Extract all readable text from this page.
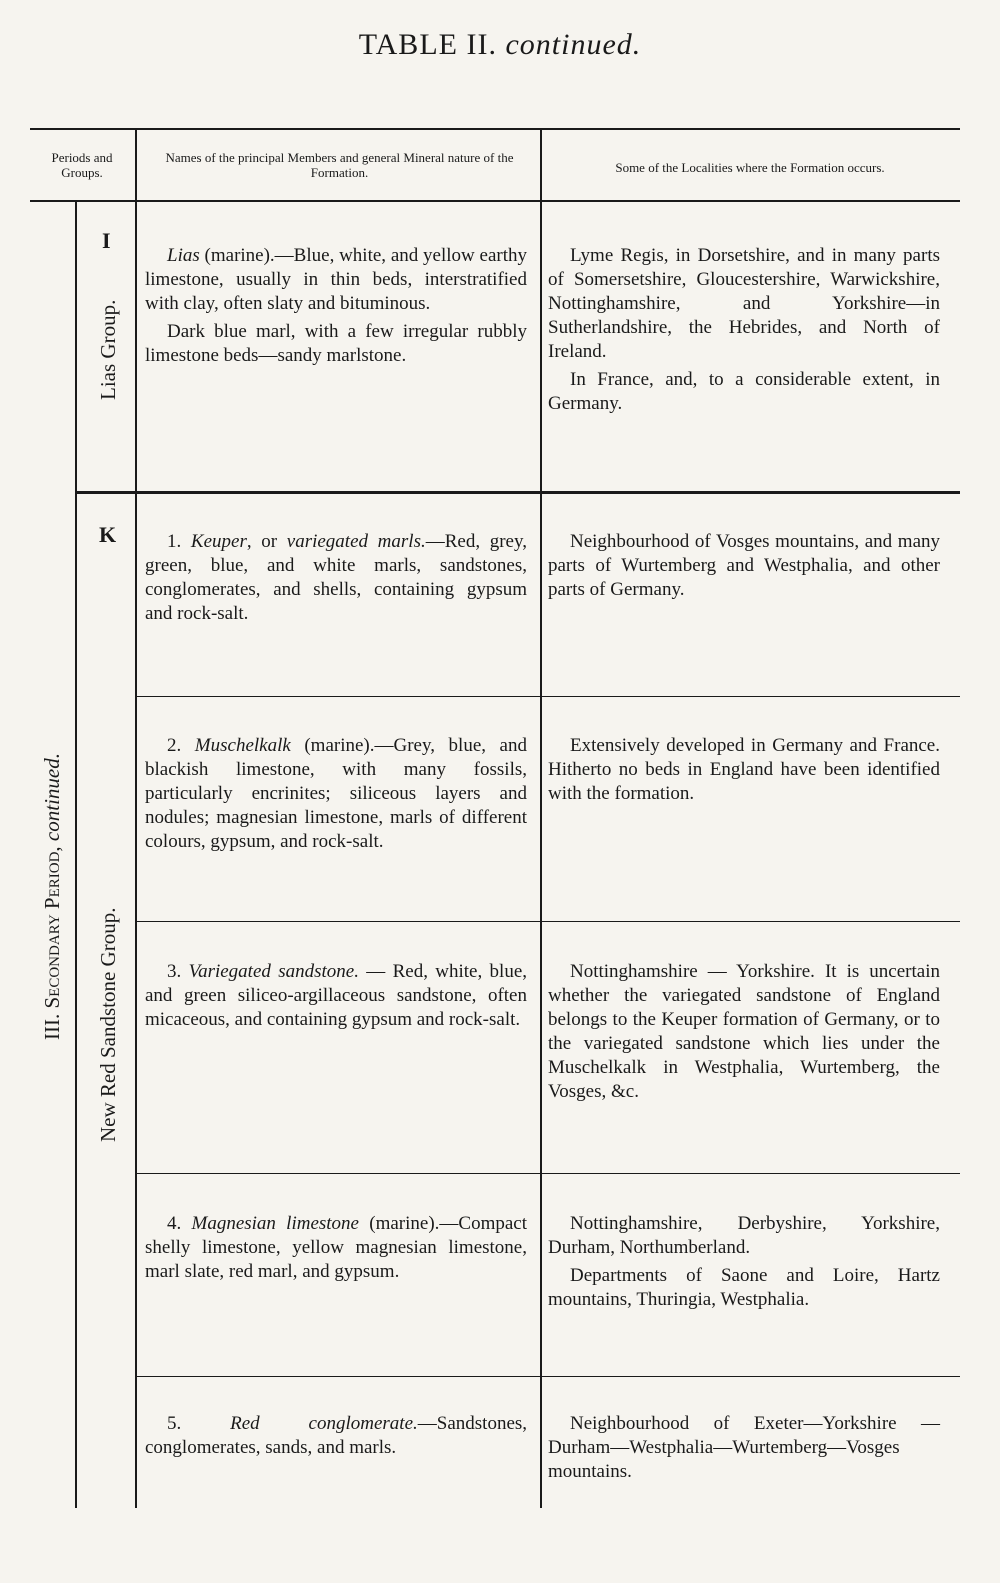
TABLE II. continued.
Periods and Groups.
Names of the principal Members and general Mineral nature of the Formation.	Some of the Localities where the Formation occurs.
III. Secondary Period, continued.
Lias Group.
New Red Sandstone Group.
I
K

Lias (marine).—Blue, white, and yellow earthy limestone, usually in thin beds, interstratified with clay, often slaty and bituminous.

Dark blue marl, with a few irregular rubbly limestone beds—sandy marlstone.

Lyme Regis, in Dorsetshire, and in many parts of Somersetshire, Gloucestershire, Warwickshire, Nottinghamshire, and Yorkshire—in Sutherlandshire, the Hebrides, and North of Ireland.

In France, and, to a considerable extent, in Germany.

1. Keuper, or variegated marls.—Red, grey, green, blue, and white marls, sandstones, conglomerates, and shells, containing gypsum and rock-salt.

Neighbourhood of Vosges mountains, and many parts of Wurtemberg and Westphalia, and other parts of Germany.

2. Muschelkalk (marine).—Grey, blue, and blackish limestone, with many fossils, particularly encrinites; siliceous layers and nodules; magnesian limestone, marls of different colours, gypsum, and rock-salt.

Extensively developed in Germany and France. Hitherto no beds in England have been identified with the formation.

3. Variegated sandstone. — Red, white, blue, and green siliceo-argillaceous sandstone, often micaceous, and containing gypsum and rock-salt.

Nottinghamshire — Yorkshire. It is uncertain whether the variegated sandstone of England belongs to the Keuper formation of Germany, or to the variegated sandstone which lies under the Muschelkalk in Westphalia, Wurtemberg, the Vosges, &c.

4. Magnesian limestone (marine).—Compact shelly limestone, yellow magnesian limestone, marl slate, red marl, and gypsum.

Nottinghamshire, Derbyshire, Yorkshire, Durham, Northumberland.

Departments of Saone and Loire, Hartz mountains, Thuringia, Westphalia.

5.	Red conglomerate.—Sandstones, conglomerates, sands, and marls.

Neighbourhood of Exeter—Yorkshire — Durham—Westphalia—Wurtemberg—Vosges mountains.
